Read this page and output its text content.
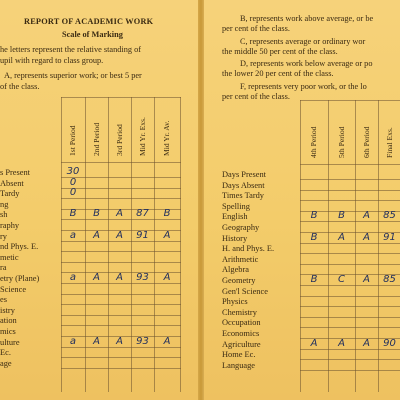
REPORT OF ACADEMIC WORK
Scale of Marking
he letters represent the relative standing of
upil with regard to class group.
A, represents superior work; or best 5 per
of the class.
1st Period 2nd Period 3rd Period Mid Yr. Exs. Mid Yr. Av.
s Present	30
Absent	0
Tardy	0
ng
sh	B	B	A	87	B
raphy
ry	a	A	A	91	A
nd Phys. E.
metic
ra
etry (Plane)	a	A	A	93	A
Science
es
istry
ation
mics
ulture	a	A	A	93	A
Ec.
age
B, represents work above average, or be
per cent of the class.
C, represents average or ordinary wor
the middle 50 per cent of the class.
D, represents work below average or po
the lower 20 per cent of the class.
F, represents very poor work, or the lo
per cent of the class.
4th Period 5th Period 6th Period Final Exs.
Days Present
Days Absent
Times Tardy
Spelling
English	B	B	A	85
Geography
History	B	A	A	91
H. and Phys. E.
Arithmetic
Algebra
Geometry	B	C	A	85
Gen'l Science
Physics
Chemistry
Occupation
Economics
Agriculture	A	A	A	90
Home Ec.
Language
